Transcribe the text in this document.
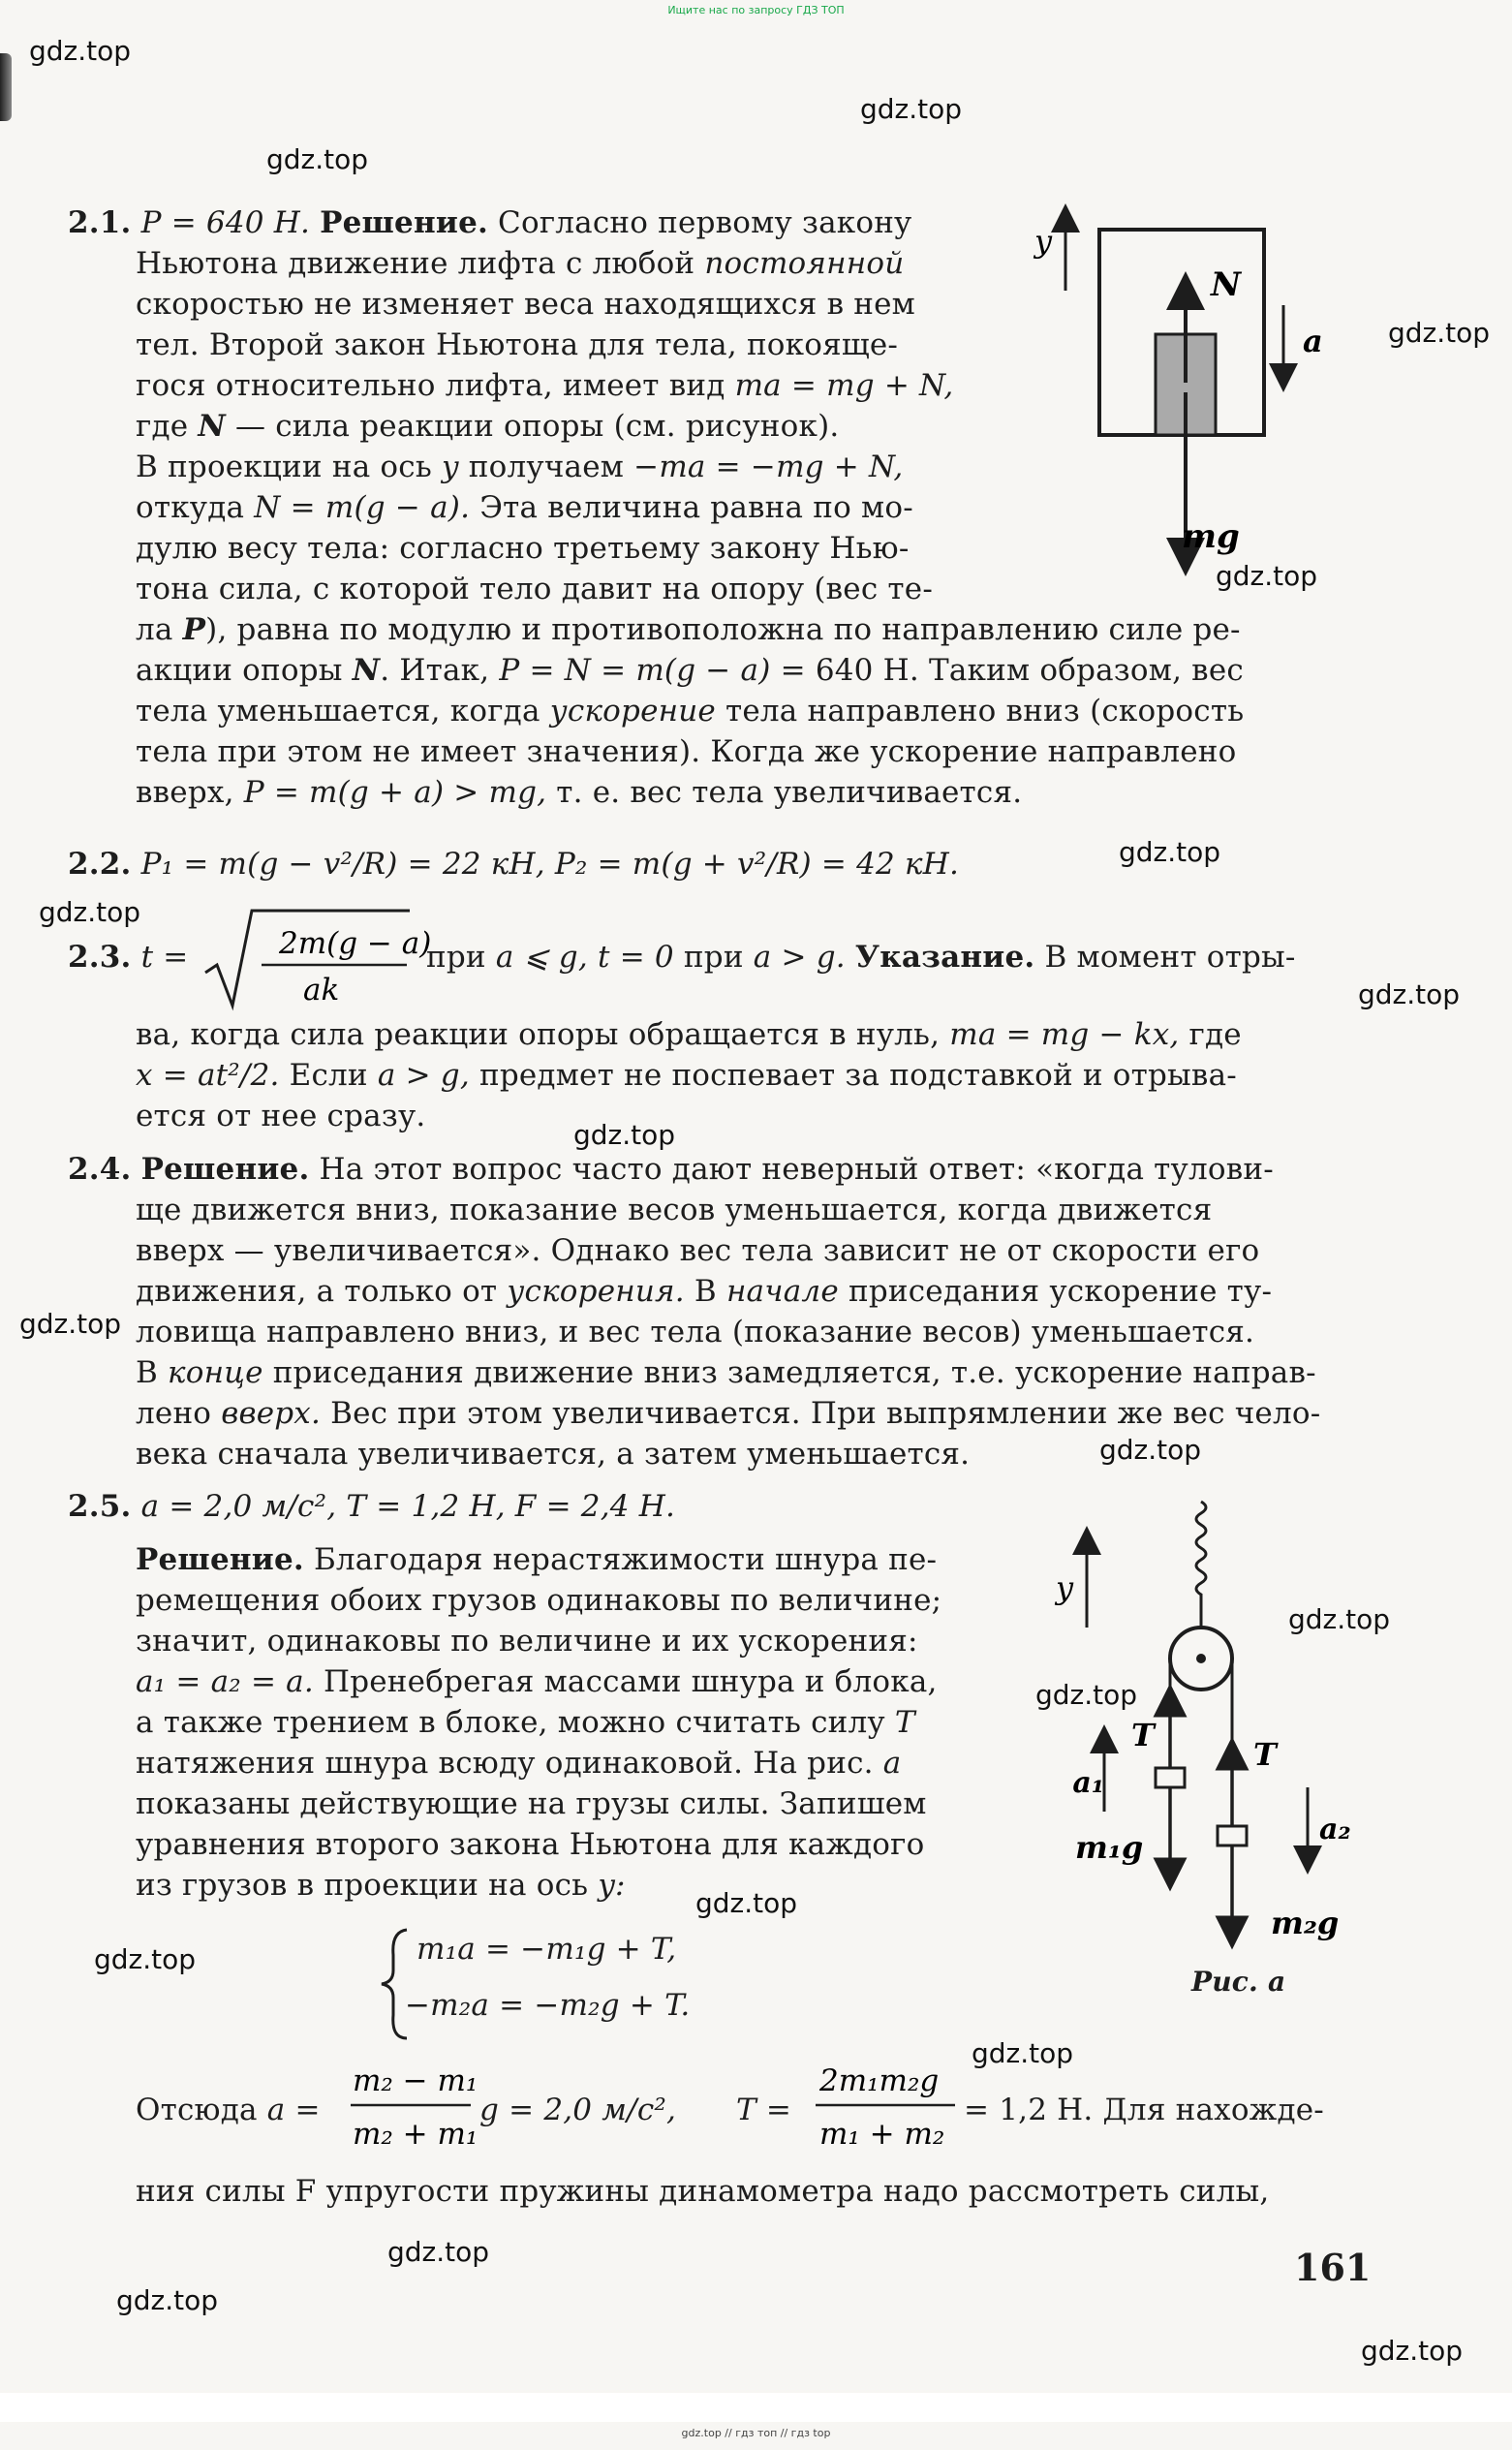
Ищите нас по запросу ГДЗ ТОП
gdz.top
gdz.top
gdz.top
gdz.top
gdz.top
gdz.top
gdz.top
gdz.top
gdz.top
gdz.top
gdz.top
gdz.top
gdz.top
gdz.top
gdz.top
gdz.top
gdz.top
gdz.top
gdz.top
2.1. P = 640 Н. Решение. Согласно первому закону
Ньютона движение лифта с любой постоянной
скоростью не изменяет веса находящихся в нем
тел. Второй закон Ньютона для тела, покояще-
гося относительно лифта, имеет вид ma = mg + N,
где N — сила реакции опоры (см. рисунок).
В проекции на ось y получаем −ma = −mg + N,
откуда N = m(g − a). Эта величина равна по мо-
дулю весу тела: согласно третьему закону Нью-
тона сила, с которой тело давит на опору (вес те-
ла P), равна по модулю и противоположна по направлению силе ре-
акции опоры N. Итак, P = N = m(g − a) = 640 Н. Таким образом, вес
тела уменьшается, когда ускорение тела направлено вниз (скорость
тела при этом не имеет значения). Когда же ускорение направлено
вверх, P = m(g + a) > mg, т. е. вес тела увеличивается.
y
N
a
mg
2.2. P₁ = m(g − v²/R) = 22 кН, P₂ = m(g + v²/R) = 42 кН.
2.3. t =	2m(g − a)
ak
при a ⩽ g, t = 0 при a > g. Указание. В момент отры-
ва, когда сила реакции опоры обращается в нуль, ma = mg − kx, где
x = at²/2. Если a > g, предмет не поспевает за подставкой и отрыва-
ется от нее сразу.
2.4. Решение. На этот вопрос часто дают неверный ответ: «когда тулови-
ще движется вниз, показание весов уменьшается, когда движется
вверх — увеличивается». Однако вес тела зависит не от скорости его
движения, а только от ускорения. В начале приседания ускорение ту-
ловища направлено вниз, и вес тела (показание весов) уменьшается.
В конце приседания движение вниз замедляется, т.е. ускорение направ-
лено вверх. Вес при этом увеличивается. При выпрямлении же вес чело-
века сначала увеличивается, а затем уменьшается.
2.5. a = 2,0 м/с², T = 1,2 Н, F = 2,4 Н.
Решение. Благодаря нерастяжимости шнура пе-
ремещения обоих грузов одинаковы по величине;
значит, одинаковы по величине и их ускорения:
a₁ = a₂ = a. Пренебрегая массами шнура и блока,
а также трением в блоке, можно считать силу T
натяжения шнура всюду одинаковой. На рис. а
показаны действующие на грузы силы. Запишем
уравнения второго закона Ньютона для каждого
из грузов в проекции на ось y:
m₁a = −m₁g + T,
−m₂a = −m₂g + T.
Отсюда a =
m₂ − m₁
m₂ + m₁
g = 2,0 м/с², T =
2m₁m₂g
m₁ + m₂
= 1,2 Н. Для нахожде-
ния силы F упругости пружины динамометра надо рассмотреть силы,
y
T
T
a₁
m₁g	a₂
m₂g
Рис. а
161
gdz.top // гдз топ // гдз top
